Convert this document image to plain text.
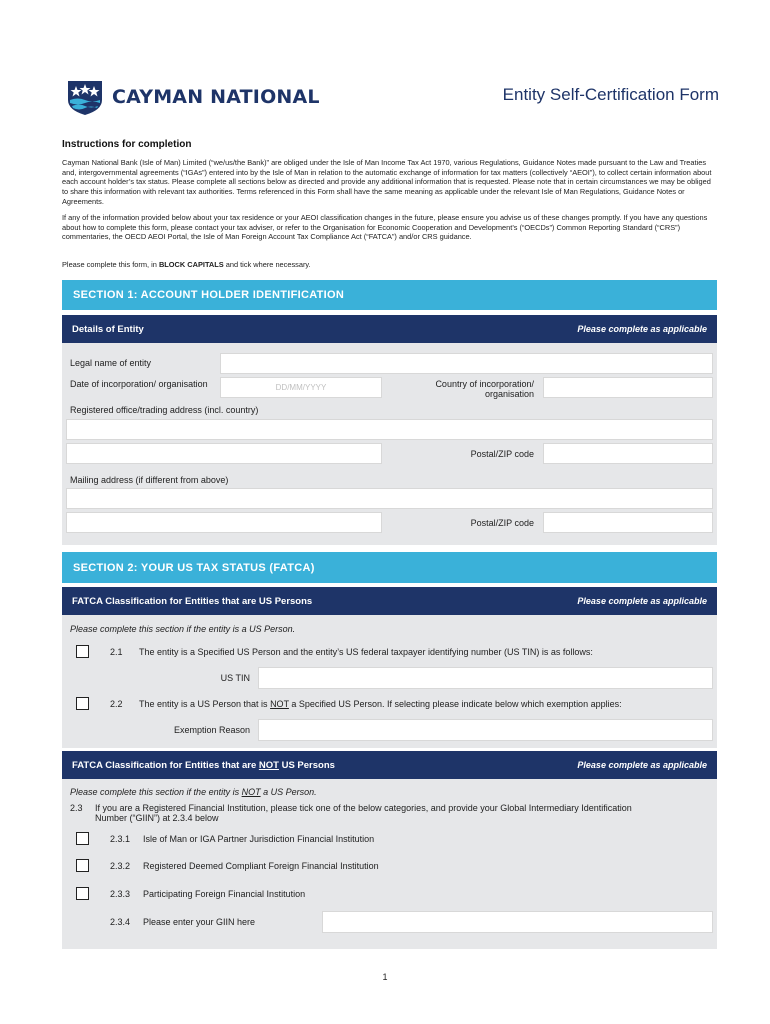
CAYMAN NATIONAL	Entity Self-Certification Form
Instructions for completion
Cayman National Bank (Isle of Man) Limited (“we/us/the Bank)” are obliged under the Isle of Man Income Tax Act 1970, various Regulations, Guidance Notes made pursuant to the Law and Treaties and, intergovernmental agreements (“IGAs”) entered into by the Isle of Man in relation to the automatic exchange of information for tax matters (collectively “AEOI”), to collect certain information about each account holder’s tax status. Please complete all sections below as directed and provide any additional information that is requested. Please note that in certain circumstances we may be obliged to share this information with relevant tax authorities. Terms referenced in this Form shall have the same meaning as applicable under the relevant Isle of Man Regulations, Guidance Notes or Agreements.
If any of the information provided below about your tax residence or your AEOI classification changes in the future, please ensure you advise us of these changes promptly. If you have any questions about how to complete this form, please contact your tax adviser, or refer to the Organisation for Economic Cooperation and Development’s (“OECDs”) Common Reporting Standard (“CRS”) commentaries, the OECD AEOI Portal, the Isle of Man Foreign Account Tax Compliance Act (“FATCA”) and/or CRS guidance.
Please complete this form, in BLOCK CAPITALS and tick where necessary.
SECTION 1: ACCOUNT HOLDER IDENTIFICATION
Details of Entity	Please complete as applicable
Legal name of entity
Date of incorporation/ organisation	DD/MM/YYYY	Country of incorporation/ organisation
Registered office/trading address (incl. country)
Postal/ZIP code
Mailing address (if different from above)
Postal/ZIP code
SECTION 2: YOUR US TAX STATUS (FATCA)
FATCA Classification for Entities that are US Persons	Please complete as applicable
Please complete this section if the entity is a US Person.
2.1 The entity is a Specified US Person and the entity’s US federal taxpayer identifying number (US TIN) is as follows:
US TIN
2.2 The entity is a US Person that is NOT a Specified US Person. If selecting please indicate below which exemption applies:
Exemption Reason
FATCA Classification for Entities that are NOT US Persons	Please complete as applicable
Please complete this section if the entity is NOT a US Person.
2.3 If you are a Registered Financial Institution, please tick one of the below categories, and provide your Global Intermediary Identification Number (“GIIN”) at 2.3.4 below
2.3.1 Isle of Man or IGA Partner Jurisdiction Financial Institution
2.3.2 Registered Deemed Compliant Foreign Financial Institution
2.3.3 Participating Foreign Financial Institution
2.3.4 Please enter your GIIN here
1
